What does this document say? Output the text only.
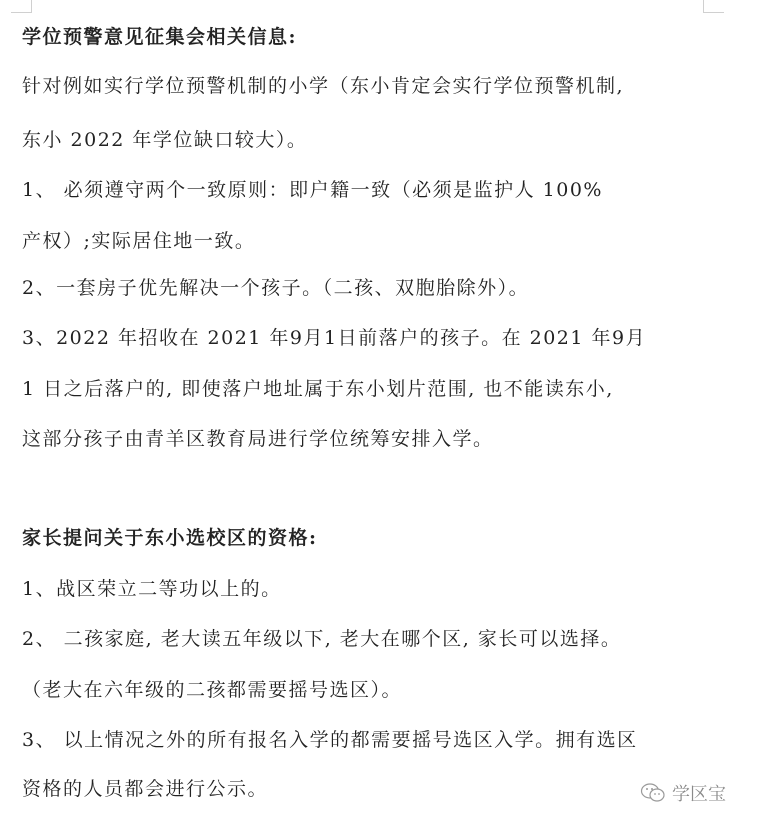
学位预警意见征集会相关信息:
针对例如实行学位预警机制的小学（东小肯定会实行学位预警机制,
东小 2022 年学位缺口较大）。
1、 必须遵守两个一致原则：即户籍一致（必须是监护人 100%
产权）;实际居住地一致。
2、一套房子优先解决一个孩子。（二孩、双胞胎除外）。
3、2022 年招收在 2021 年9月1日前落户的孩子。在 2021 年9月
1 日之后落户的, 即使落户地址属于东小划片范围, 也不能读东小,
这部分孩子由青羊区教育局进行学位统筹安排入学。
家长提问关于东小选校区的资格:
1、战区荣立二等功以上的。
2、 二孩家庭, 老大读五年级以下, 老大在哪个区, 家长可以选择。
（老大在六年级的二孩都需要摇号选区）。
3、 以上情况之外的所有报名入学的都需要摇号选区入学。拥有选区
资格的人员都会进行公示。	学区宝
